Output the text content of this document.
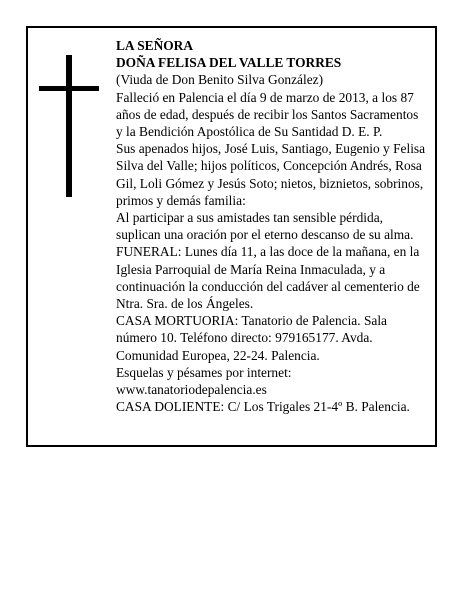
LA SEÑORA

DOÑA FELISA DEL VALLE TORRES

(Viuda de Don Benito Silva González)

Falleció en Palencia el día 9 de marzo de 2013, a los 87 años de edad, después de recibir los Santos Sacramentos y la Bendición Apostólica de Su Santidad D. E. P.

Sus apenados hijos, José Luis, Santiago, Eugenio y Felisa Silva del Valle; hijos políticos, Concepción Andrés, Rosa Gil, Loli Gómez y Jesús Soto; nietos, biznietos, sobrinos, primos y demás familia:

Al participar a sus amistades tan sensible pérdida, suplican una oración por el eterno descanso de su alma.

FUNERAL: Lunes día 11, a las doce de la mañana, en la Iglesia Parroquial de María Reina Inmaculada, y a continuación la conducción del cadáver al cementerio de Ntra. Sra. de los Ángeles.

CASA MORTUORIA: Tanatorio de Palencia. Sala número 10. Teléfono directo: 979165177. Avda. Comunidad Europea, 22-24. Palencia.

Esquelas y pésames por internet:

www.tanatoriodepalencia.es

CASA DOLIENTE: C/ Los Trigales 21-4º B. Palencia.
